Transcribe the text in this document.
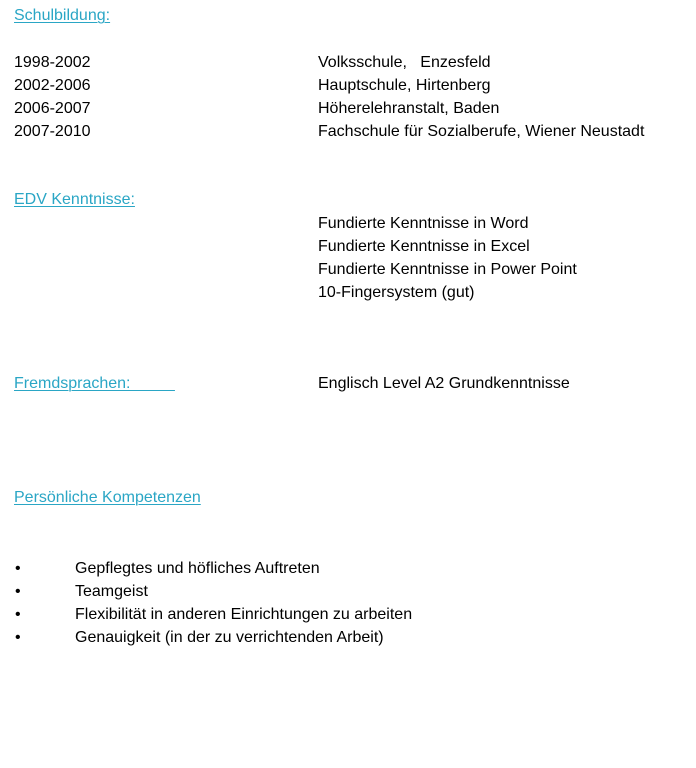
Schulbildung:
1998-2002	Volksschule,   Enzesfeld
2002-2006	Hauptschule, Hirtenberg
2006-2007	Höherelehranstalt, Baden
2007-2010	Fachschule für Sozialberufe, Wiener Neustadt
EDV Kenntnisse:
Fundierte Kenntnisse in Word
Fundierte Kenntnisse in Excel
Fundierte Kenntnisse in Power Point
10-Fingersystem (gut)
Fremdsprachen:	Englisch Level A2 Grundkenntnisse
Persönliche Kompetenzen
•	Gepflegtes und höfliches Auftreten
•	Teamgeist
•	Flexibilität in anderen Einrichtungen zu arbeiten
•	Genauigkeit (in der zu verrichtenden Arbeit)
